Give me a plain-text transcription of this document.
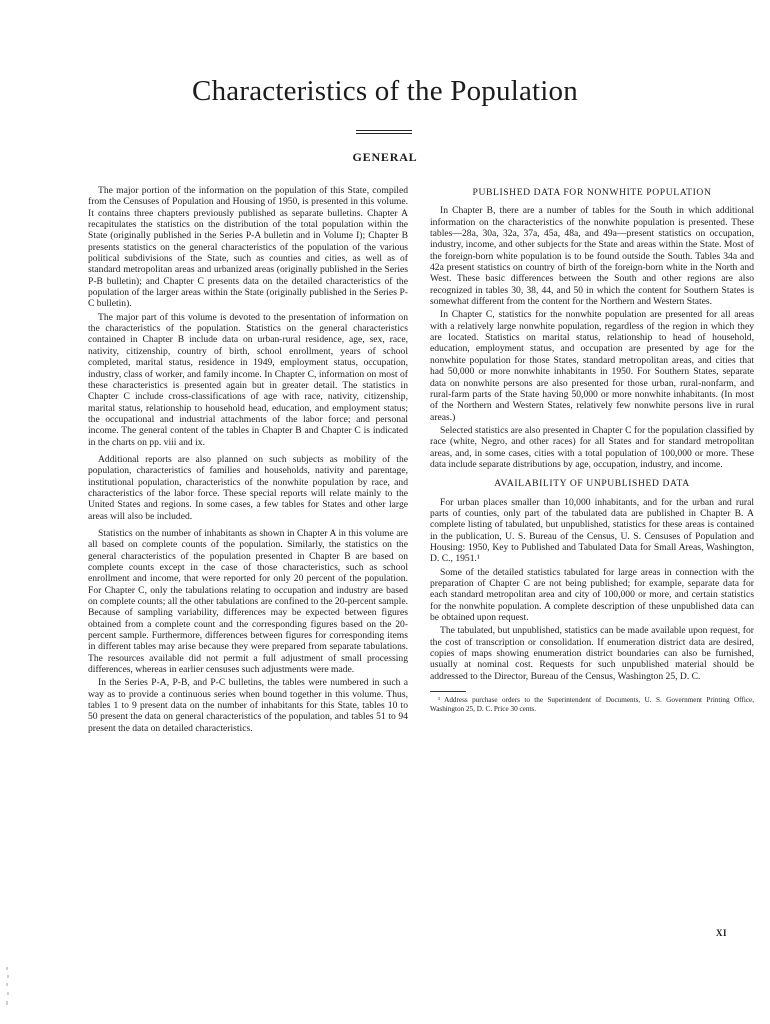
Characteristics of the Population
GENERAL

The major portion of the information on the population of this State, compiled from the Censuses of Population and Housing of 1950, is presented in this volume. It contains three chapters previously published as separate bulletins. Chapter A recapitulates the statistics on the distribution of the total population within the State (originally published in the Series P-A bulletin and in Volume I); Chapter B presents statistics on the general characteristics of the population of the various political subdivisions of the State, such as counties and cities, as well as of standard metropolitan areas and urbanized areas (originally published in the Series P-B bulletin); and Chapter C presents data on the detailed characteristics of the population of the larger areas within the State (originally published in the Series P-C bulletin).

The major part of this volume is devoted to the presentation of information on the characteristics of the population. Statistics on the general characteristics contained in Chapter B include data on urban-rural residence, age, sex, race, nativity, citizenship, country of birth, school enrollment, years of school completed, marital status, residence in 1949, employment status, occupation, industry, class of worker, and family income. In Chapter C, information on most of these characteristics is presented again but in greater detail. The statistics in Chapter C include cross-classifications of age with race, nativity, citizenship, marital status, relationship to household head, education, and employment status; the occupational and industrial attachments of the labor force; and personal income. The general content of the tables in Chapter B and Chapter C is indicated in the charts on pp. viii and ix.

Additional reports are also planned on such subjects as mobility of the population, characteristics of families and households, nativity and parentage, institutional population, characteristics of the nonwhite population by race, and characteristics of the labor force. These special reports will relate mainly to the United States and regions. In some cases, a few tables for States and other large areas will also be included.

Statistics on the number of inhabitants as shown in Chapter A in this volume are all based on complete counts of the population. Similarly, the statistics on the general characteristics of the population presented in Chapter B are based on complete counts except in the case of those characteristics, such as school enrollment and income, that were reported for only 20 percent of the population. For Chapter C, only the tabulations relating to occupation and industry are based on complete counts; all the other tabulations are confined to the 20-percent sample. Because of sampling variability, differences may be expected between figures obtained from a complete count and the corresponding figures based on the 20-percent sample. Furthermore, differences between figures for corresponding items in different tables may arise because they were prepared from separate tabulations. The resources available did not permit a full adjustment of small processing differences, whereas in earlier censuses such adjustments were made.

In the Series P-A, P-B, and P-C bulletins, the tables were numbered in such a way as to provide a continuous series when bound together in this volume. Thus, tables 1 to 9 present data on the number of inhabitants for this State, tables 10 to 50 present the data on general characteristics of the population, and tables 51 to 94 present the data on detailed characteristics.

PUBLISHED DATA FOR NONWHITE POPULATION

In Chapter B, there are a number of tables for the South in which additional information on the characteristics of the nonwhite population is presented. These tables—28a, 30a, 32a, 37a, 45a, 48a, and 49a—present statistics on occupation, industry, income, and other subjects for the State and areas within the State. Most of the foreign-born white population is to be found outside the South. Tables 34a and 42a present statistics on country of birth of the foreign-born white in the North and West. These basic differences between the South and other regions are also recognized in tables 30, 38, 44, and 50 in which the content for Southern States is somewhat different from the content for the Northern and Western States.

In Chapter C, statistics for the nonwhite population are presented for all areas with a relatively large nonwhite population, regardless of the region in which they are located. Statistics on marital status, relationship to head of household, education, employment status, and occupation are presented by age for the nonwhite population for those States, standard metropolitan areas, and cities that had 50,000 or more nonwhite inhabitants in 1950. For Southern States, separate data on nonwhite persons are also presented for those urban, rural-nonfarm, and rural-farm parts of the State having 50,000 or more nonwhite inhabitants. (In most of the Northern and Western States, relatively few nonwhite persons live in rural areas.)

Selected statistics are also presented in Chapter C for the population classified by race (white, Negro, and other races) for all States and for standard metropolitan areas, and, in some cases, cities with a total population of 100,000 or more. These data include separate distributions by age, occupation, industry, and income.

AVAILABILITY OF UNPUBLISHED DATA

For urban places smaller than 10,000 inhabitants, and for the urban and rural parts of counties, only part of the tabulated data are published in Chapter B. A complete listing of tabulated, but unpublished, statistics for these areas is contained in the publication, U. S. Bureau of the Census, U. S. Censuses of Population and Housing: 1950, Key to Published and Tabulated Data for Small Areas, Washington, D. C., 1951.¹

Some of the detailed statistics tabulated for large areas in connection with the preparation of Chapter C are not being published; for example, separate data for each standard metropolitan area and city of 100,000 or more, and certain statistics for the nonwhite population. A complete description of these unpublished data can be obtained upon request.

The tabulated, but unpublished, statistics can be made available upon request, for the cost of transcription or consolidation. If enumeration district data are desired, copies of maps showing enumeration district boundaries can also be furnished, usually at nominal cost. Requests for such unpublished material should be addressed to the Director, Bureau of the Census, Washington 25, D. C.

¹ Address purchase orders to the Superintendent of Documents, U. S. Government Printing Office, Washington 25, D. C. Price 30 cents.
XI
